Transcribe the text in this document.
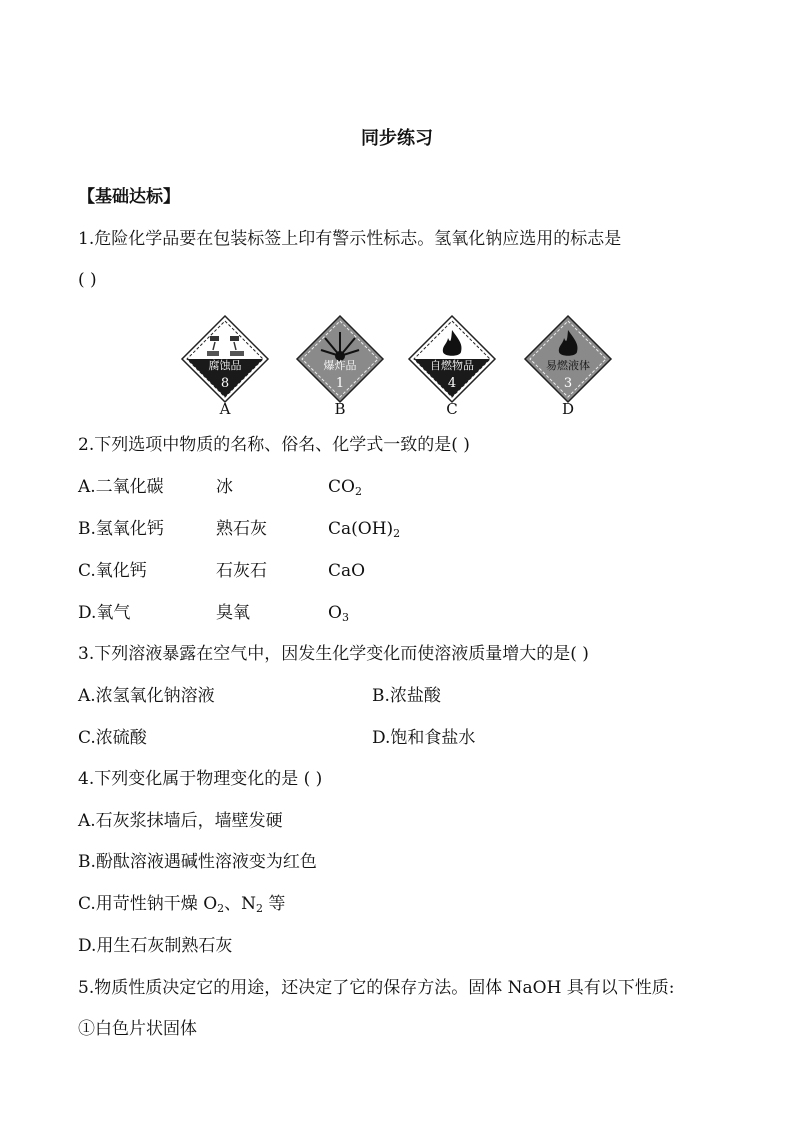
同步练习
【基础达标】
1.危险化学品要在包装标签上印有警示性标志。氢氧化钠应选用的标志是
( )
腐蚀品
8
A
爆炸品
1
B
自燃物品
4
C
易燃液体
3
D
2.下列选项中物质的名称、俗名、化学式一致的是( )
A.二氧化碳	冰	$CO_2$
B.氢氧化钙	熟石灰	$Ca(OH)_2$
C.氧化钙	石灰石	CaO
D.氧气	臭氧	$O_3$
3.下列溶液暴露在空气中，因发生化学变化而使溶液质量增大的是( )
A.浓氢氧化钠溶液	B.浓盐酸
C.浓硫酸	D.饱和食盐水
4.下列变化属于物理变化的是 ( )
A.石灰浆抹墙后，墙壁发硬
B.酚酞溶液遇碱性溶液变为红色
C.用苛性钠干燥 $O_2$、$N_2$ 等
D.用生石灰制熟石灰
5.物质性质决定它的用途，还决定了它的保存方法。固体 NaOH 具有以下性质:
①白色片状固体
